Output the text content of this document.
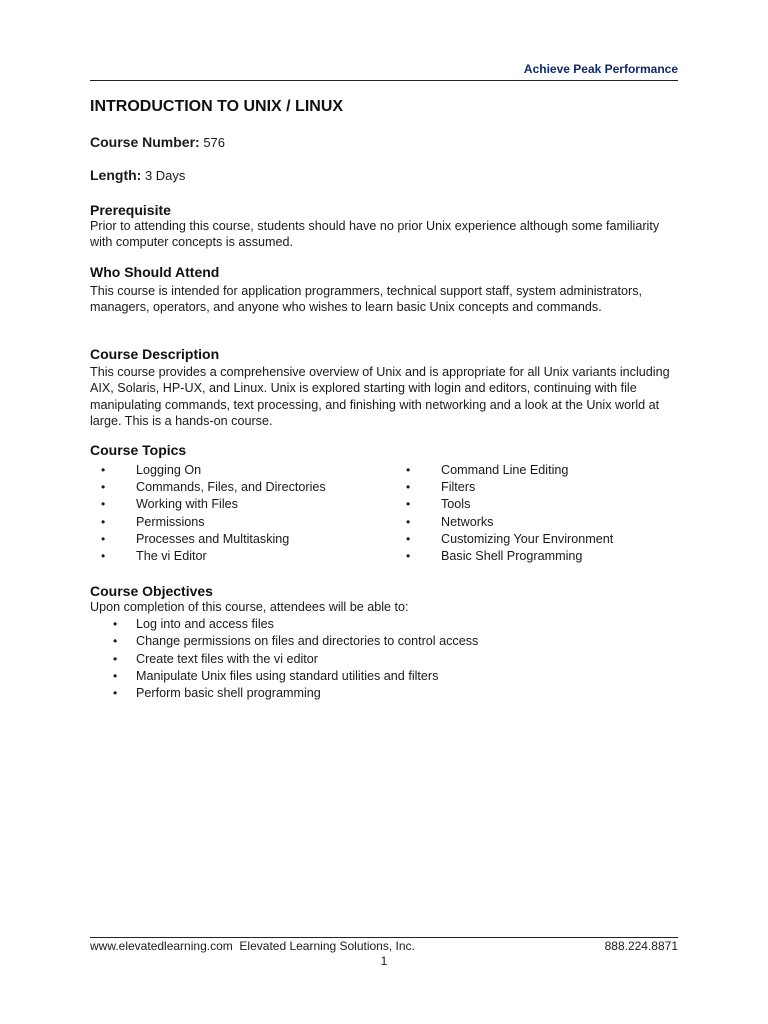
Achieve Peak Performance
INTRODUCTION TO UNIX / LINUX
Course Number: 576
Length: 3 Days
Prerequisite

Prior to attending this course, students should have no prior Unix experience although some familiarity with computer concepts is assumed.

Who Should Attend

This course is intended for application programmers, technical support staff, system administrators, managers, operators, and anyone who wishes to learn basic Unix concepts and commands.

Course Description

This course provides a comprehensive overview of Unix and is appropriate for all Unix variants including AIX, Solaris, HP-UX, and Linux. Unix is explored starting with login and editors, continuing with file manipulating commands, text processing, and finishing with networking and a look at the Unix world at large. This is a hands-on course.

Course Topics
• Logging On	• Command Line Editing
• Commands, Files, and Directories	• Filters
• Working with Files	• Tools
• Permissions	• Networks
• Processes and Multitasking	• Customizing Your Environment
• The vi Editor	• Basic Shell Programming
Course Objectives
Upon completion of this course, attendees will be able to:
• Log into and access files
• Change permissions on files and directories to control access
• Create text files with the vi editor
• Manipulate Unix files using standard utilities and filters
• Perform basic shell programming
www.elevatedlearning.com Elevated Learning Solutions, Inc.	888.224.8871
1
